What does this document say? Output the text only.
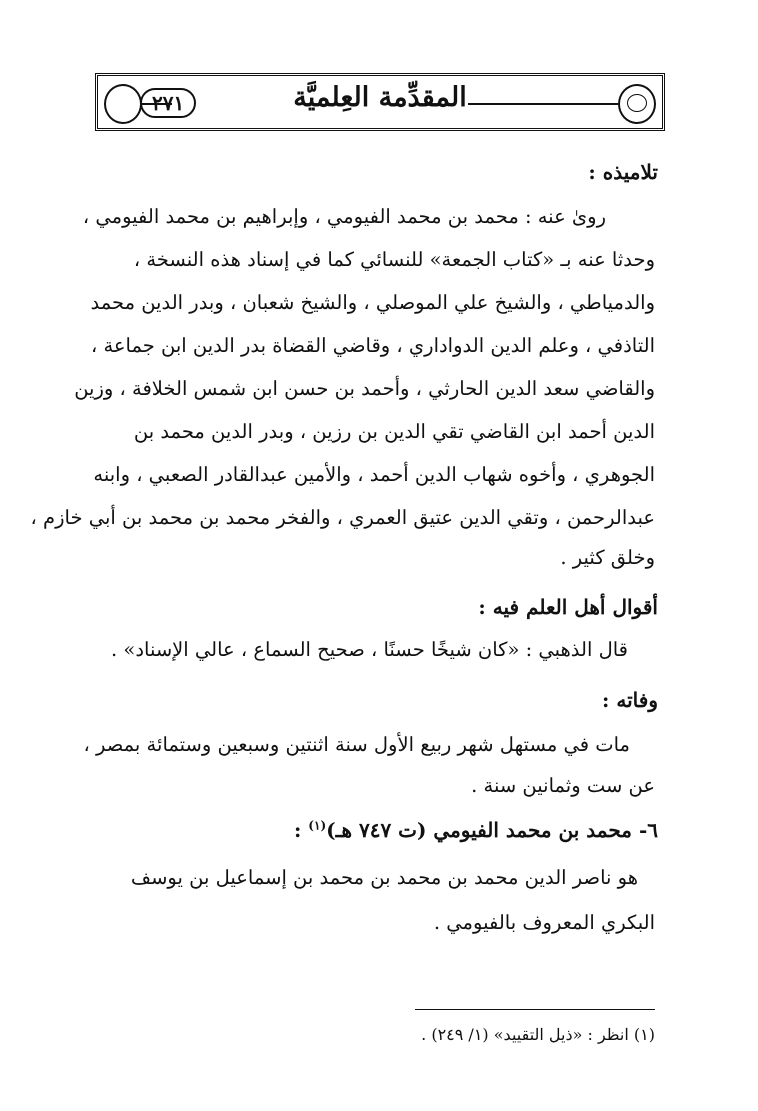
٢٧١	المقدِّمة العِلميَّة
تلاميذه :
روىٰ عنه : محمد بن محمد الفيومي ، وإبراهيم بن محمد الفيومي ،
وحدثا عنه بـ «كتاب الجمعة» للنسائي كما في إسناد هذه النسخة ،
والدمياطي ، والشيخ علي الموصلي ، والشيخ شعبان ، وبدر الدين محمد
التاذفي ، وعلم الدين الدواداري ، وقاضي القضاة بدر الدين ابن جماعة ،
والقاضي سعد الدين الحارثي ، وأحمد بن حسن ابن شمس الخلافة ، وزين
الدين أحمد ابن القاضي تقي الدين بن رزين ، وبدر الدين محمد بن
الجوهري ، وأخوه شهاب الدين أحمد ، والأمين عبدالقادر الصعبي ، وابنه
عبدالرحمن ، وتقي الدين عتيق العمري ، والفخر محمد بن محمد بن أبي خازم ،
وخلق كثير .
أقوال أهل العلم فيه :
قال الذهبي : «كان شيخًا حسنًا ، صحيح السماع ، عالي الإسناد» .
وفاته :
مات في مستهل شهر ربيع الأول سنة اثنتين وسبعين وستمائة بمصر ،
عن ست وثمانين سنة .
٦- محمد بن محمد الفيومي (ت ٧٤٧ هـ)$^{(١)}$ :
هو ناصر الدين محمد بن محمد بن محمد بن إسماعيل بن يوسف
البكري المعروف بالفيومي .
(١) انظر : «ذيل التقييد» (١/ ٢٤٩) .
